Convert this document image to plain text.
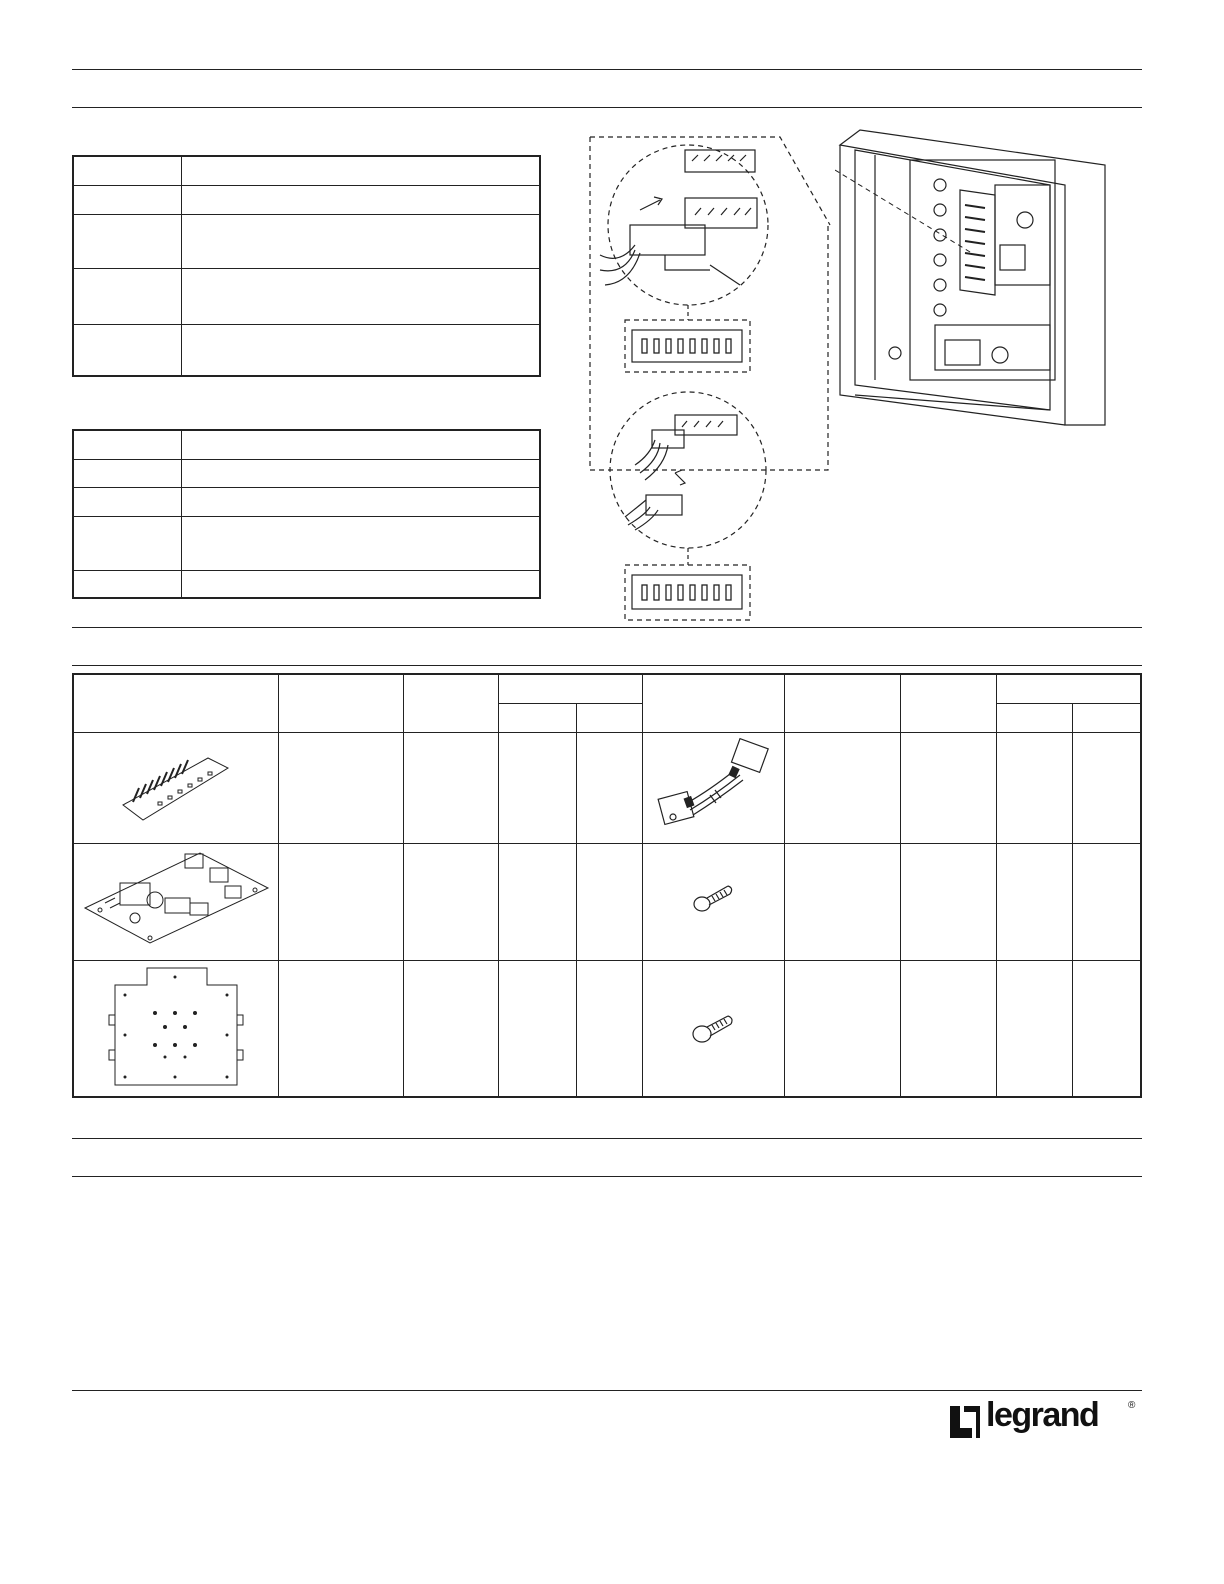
legrand	®
